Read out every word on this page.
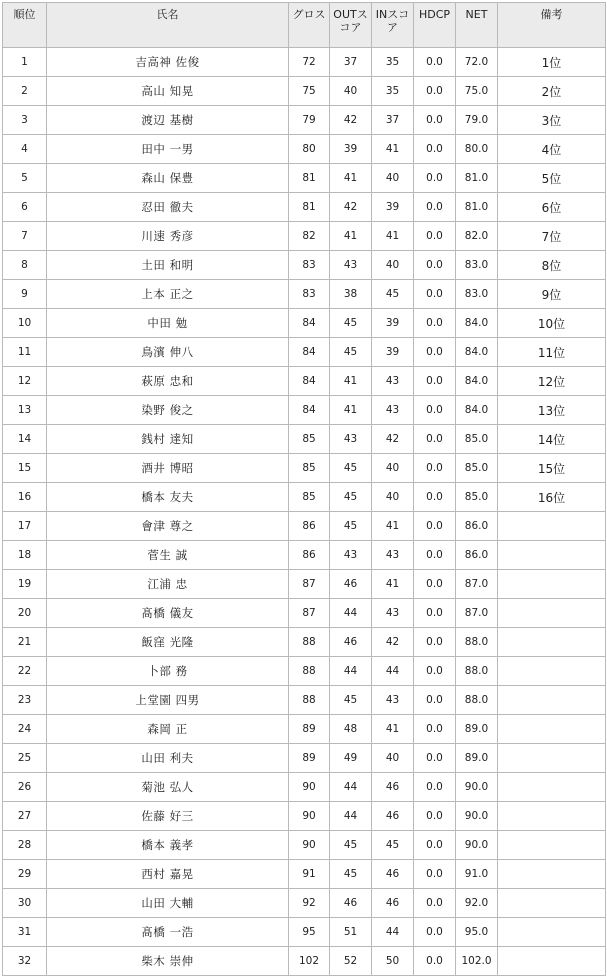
順位	氏名	グロス	OUTスコア	INスコア	HDCP	NET	備考
1	吉高神 佐俊	72	37	35	0.0	72.0	1位
2	高山 知晃	75	40	35	0.0	75.0	2位
3	渡辺 基樹	79	42	37	0.0	79.0	3位
4	田中 一男	80	39	41	0.0	80.0	4位
5	森山 保豊	81	41	40	0.0	81.0	5位
6	忍田 徹夫	81	42	39	0.0	81.0	6位
7	川速 秀彦	82	41	41	0.0	82.0	7位
8	土田 和明	83	43	40	0.0	83.0	8位
9	上本 正之	83	38	45	0.0	83.0	9位
10	中田 勉	84	45	39	0.0	84.0	10位
11	鳥濱 伸八	84	45	39	0.0	84.0	11位
12	萩原 忠和	84	41	43	0.0	84.0	12位
13	染野 俊之	84	41	43	0.0	84.0	13位
14	銭村 達知	85	43	42	0.0	85.0	14位
15	酒井 博昭	85	45	40	0.0	85.0	15位
16	橋本 友夫	85	45	40	0.0	85.0	16位
17	會津 尊之	86	45	41	0.0	86.0	
18	菅生 誠	86	43	43	0.0	86.0	
19	江浦 忠	87	46	41	0.0	87.0	
20	髙橋 儀友	87	44	43	0.0	87.0	
21	飯窪 光隆	88	46	42	0.0	88.0	
22	卜部 務	88	44	44	0.0	88.0	
23	上堂園 四男	88	45	43	0.0	88.0	
24	森岡 正	89	48	41	0.0	89.0	
25	山田 利夫	89	49	40	0.0	89.0	
26	菊池 弘人	90	44	46	0.0	90.0	
27	佐藤 好三	90	44	46	0.0	90.0	
28	橋本 義孝	90	45	45	0.0	90.0	
29	西村 嘉晃	91	45	46	0.0	91.0	
30	山田 大輔	92	46	46	0.0	92.0	
31	髙橋 一浩	95	51	44	0.0	95.0	
32	柴木 崇伸	102	52	50	0.0	102.0	
